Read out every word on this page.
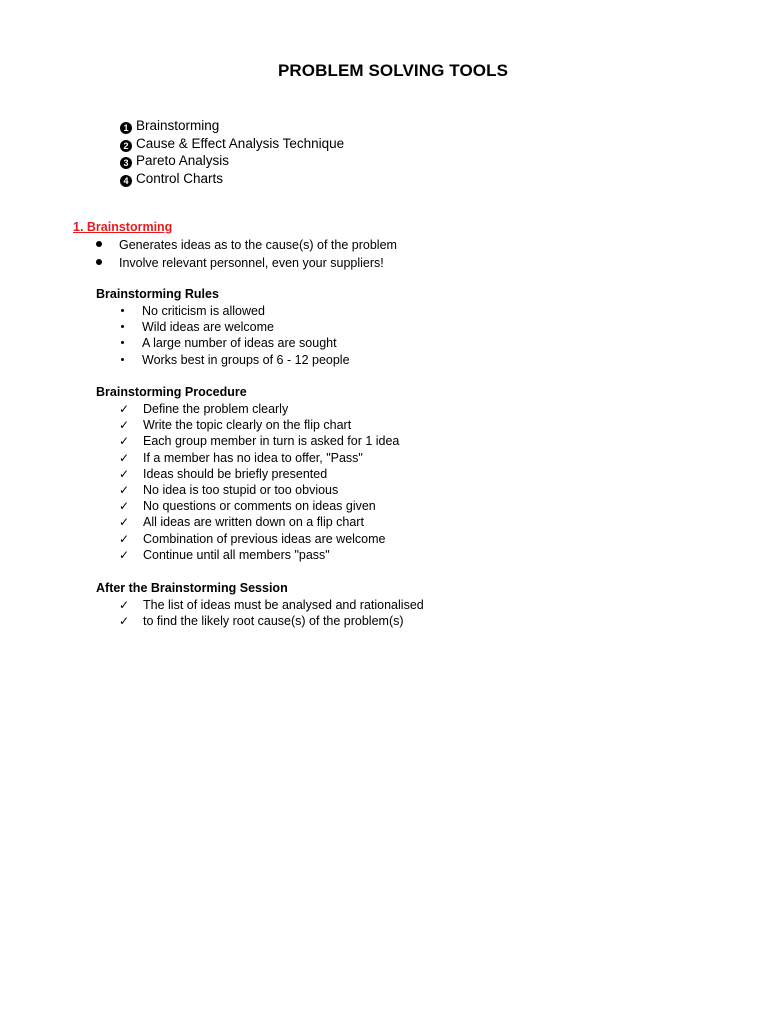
PROBLEM SOLVING TOOLS
1 Brainstorming
2 Cause & Effect Analysis Technique
3 Pareto Analysis
4 Control Charts
1. Brainstorming
Generates ideas as to the cause(s) of the problem
Involve relevant personnel, even your suppliers!
Brainstorming Rules
No criticism is allowed
Wild ideas are welcome
A large number of ideas are sought
Works best in groups of 6 - 12 people
Brainstorming Procedure
✓ Define the problem clearly
✓ Write the topic clearly on the flip chart
✓ Each group member in turn is asked for 1 idea
✓ If a member has no idea to offer, "Pass"
✓ Ideas should be briefly presented
✓ No idea is too stupid or too obvious
✓ No questions or comments on ideas given
✓ All ideas are written down on a flip chart
✓ Combination of previous ideas are welcome
✓ Continue until all members "pass"
After the Brainstorming Session
✓ The list of ideas must be analysed and rationalised
✓ to find the likely root cause(s) of the problem(s)
